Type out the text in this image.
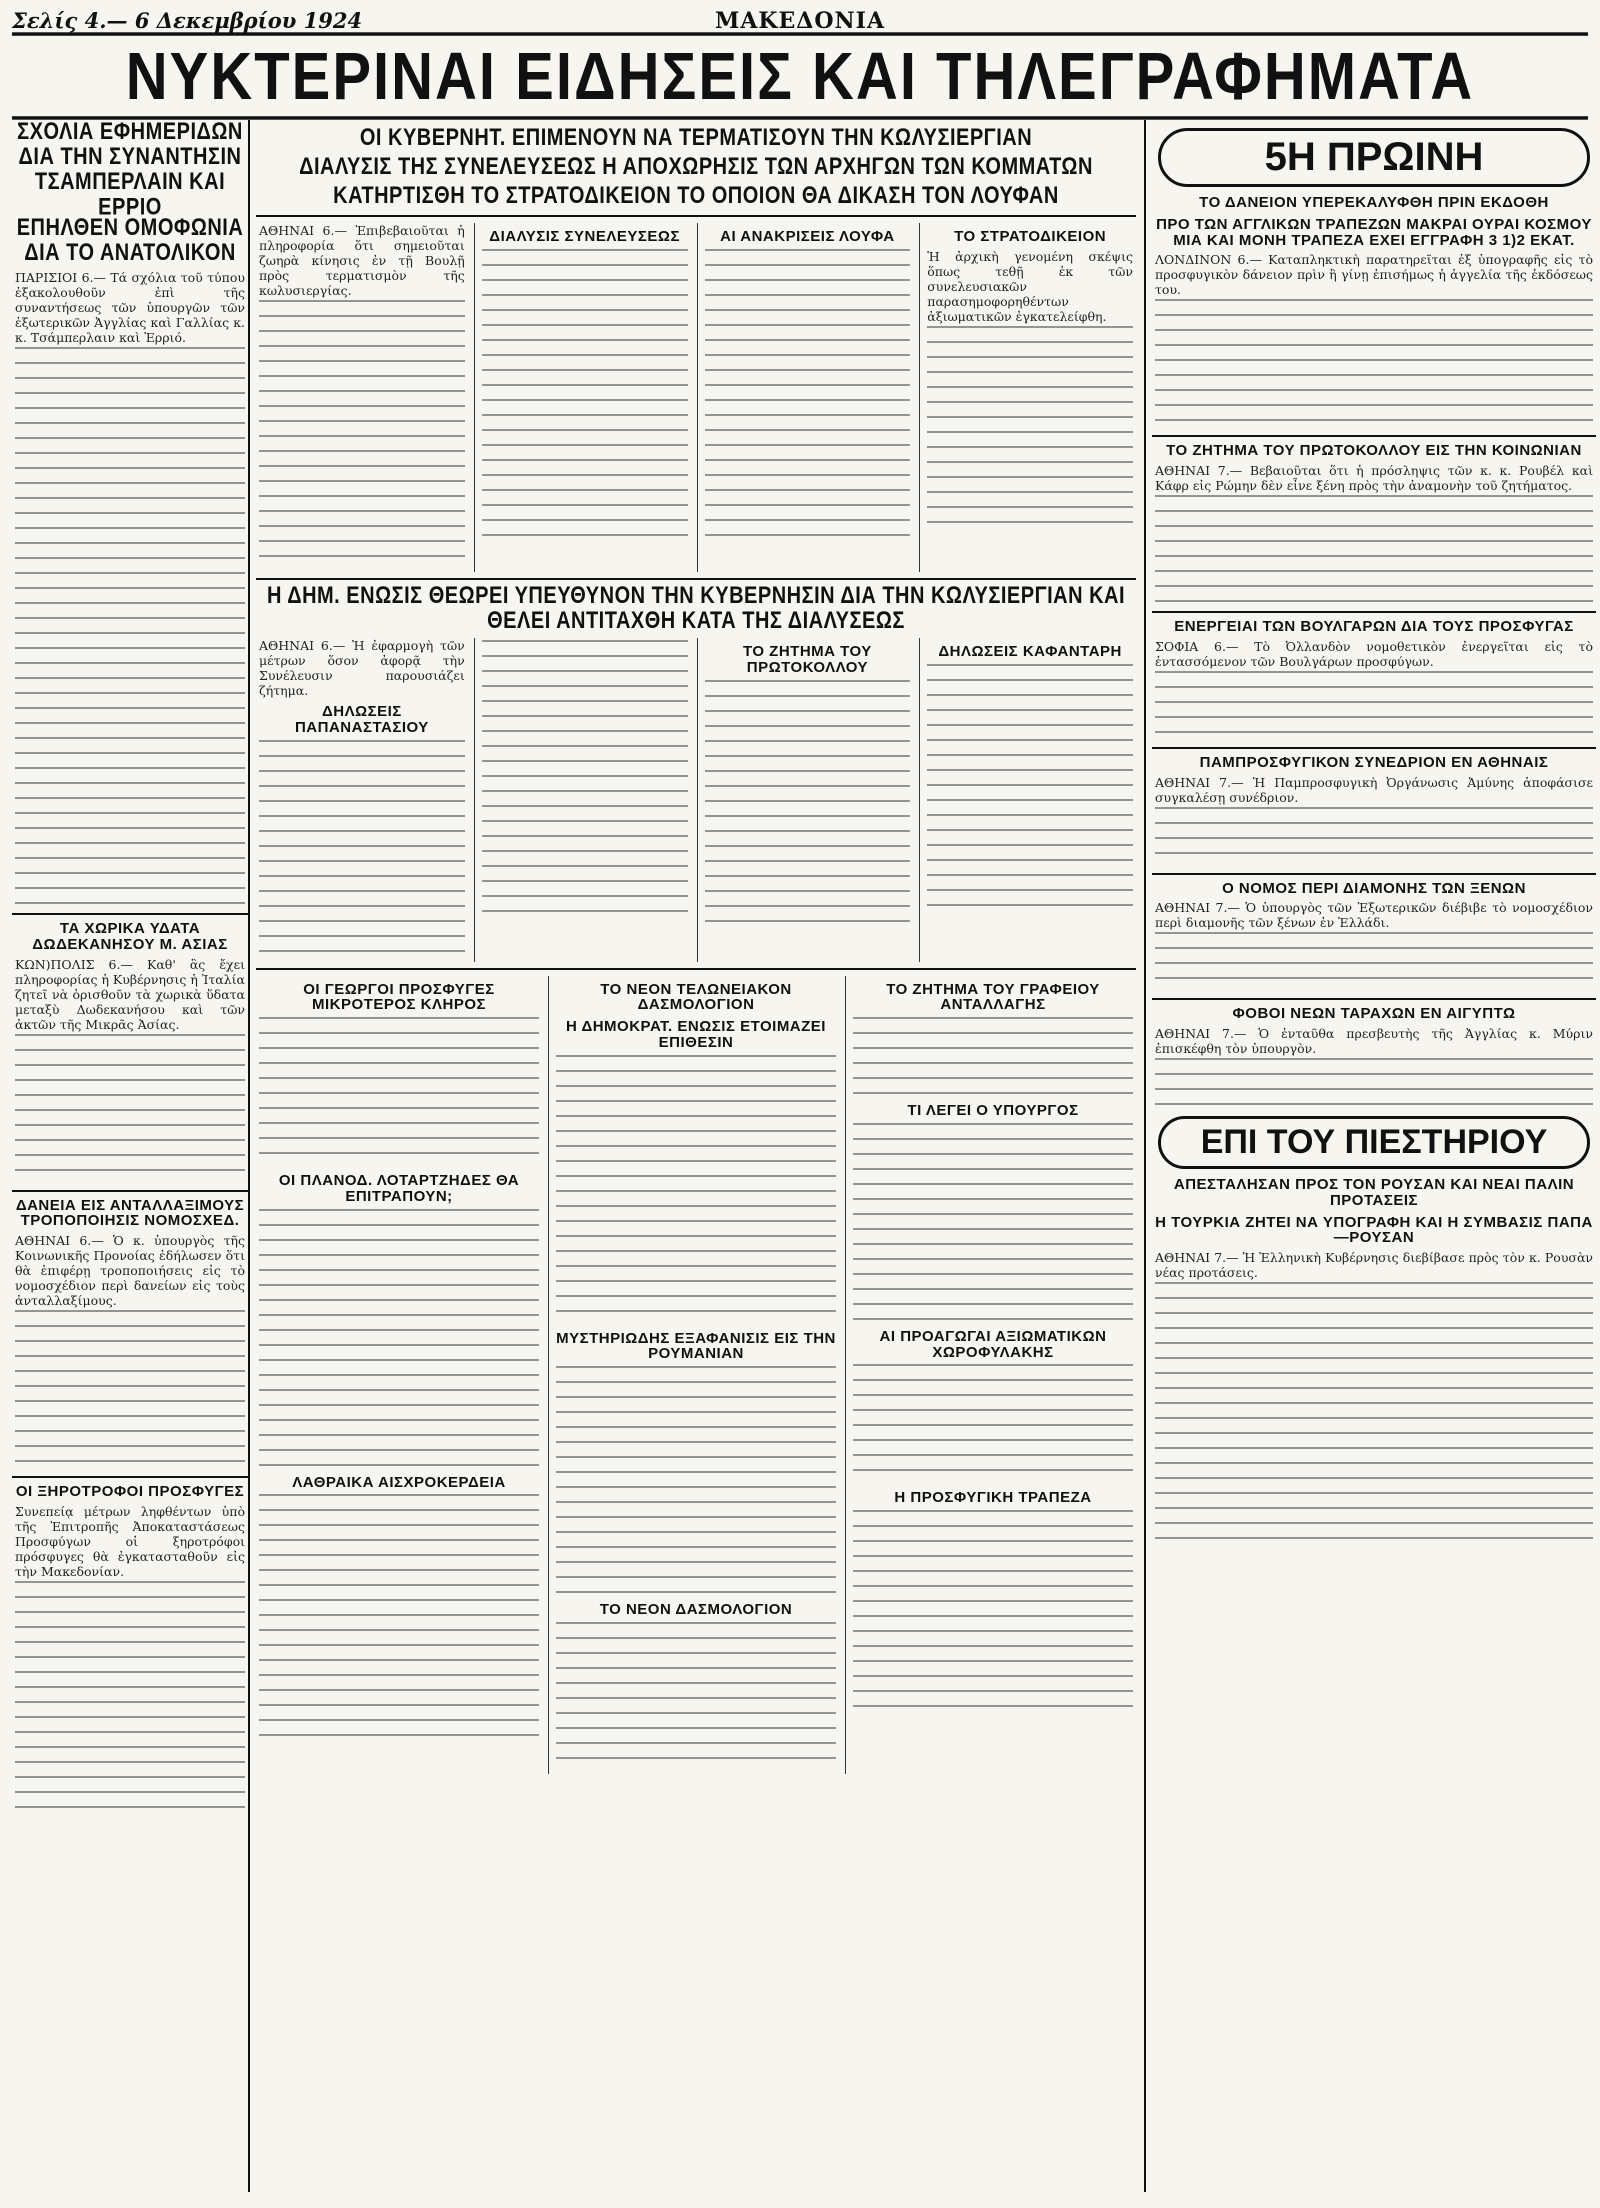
Σελίς 4.— 6 Δεκεμβρίου 1924	ΜΑΚΕΔΟΝΙΑ
ΝΥΚΤΕΡΙΝΑΙ ΕΙΔΗΣΕΙΣ ΚΑΙ ΤΗΛΕΓΡΑΦΗΜΑΤΑ
ΣΧΟΛΙΑ ΕΦΗΜΕΡΙΔΩΝ ΔΙΑ ΤΗΝ ΣΥΝΑΝΤΗΣΙΝ ΤΣΑΜΠΕΡΛΑΙΝ ΚΑΙ ΕΡΡΙΟ
ΕΠΗΛΘΕΝ ΟΜΟΦΩΝΙΑ ΔΙΑ ΤΟ ΑΝΑΤΟΛΙΚΟΝ
ΠΑΡΙΣΙΟΙ 6.— Τά σχόλια τοῦ τύπου ἐξακολουθοῦν ἐπὶ τῆς συναντήσεως τῶν ὑπουργῶν τῶν ἐξωτερικῶν Ἀγγλίας καὶ Γαλλίας κ. κ. Τσάμπερλαιν καὶ Ἐρριό.
ΤΑ ΧΩΡΙΚΑ ΥΔΑΤΑ ΔΩΔΕΚΑΝΗΣΟΥ Μ. ΑΣΙΑΣ
ΚΩΝ)ΠΟΛΙΣ 6.— Καθ' ἃς ἔχει πληροφορίας ἡ Κυβέρνησις ἡ Ἰταλία ζητεῖ νὰ ὁρισθοῦν τὰ χωρικὰ ὕδατα μεταξὺ Δωδεκανήσου καὶ τῶν ἀκτῶν τῆς Μικρᾶς Ἀσίας.
ΔΑΝΕΙΑ ΕΙΣ ΑΝΤΑΛΛΑΞΙΜΟΥΣ ΤΡΟΠΟΠΟΙΗΣΙΣ ΝΟΜΟΣΧΕΔ.
ΑΘΗΝΑΙ 6.— Ὁ κ. ὑπουργὸς τῆς Κοινωνικῆς Προνοίας ἐδήλωσεν ὅτι θὰ ἐπιφέρῃ τροποποιήσεις εἰς τὸ νομοσχέδιον περὶ δανείων εἰς τοὺς ἀνταλλαξίμους.
ΟΙ ΞΗΡΟΤΡΟΦΟΙ ΠΡΟΣΦΥΓΕΣ
Συνεπείᾳ μέτρων ληφθέντων ὑπὸ τῆς Ἐπιτροπῆς Ἀποκαταστάσεως Προσφύγων οἱ ξηροτρόφοι πρόσφυγες θὰ ἐγκατασταθοῦν εἰς τὴν Μακεδονίαν.
ΟΙ ΚΥΒΕΡΝΗΤ. ΕΠΙΜΕΝΟΥΝ ΝΑ ΤΕΡΜΑΤΙΣΟΥΝ ΤΗΝ ΚΩΛΥΣΙΕΡΓΙΑΝ
ΔΙΑΛΥΣΙΣ ΤΗΣ ΣΥΝΕΛΕΥΣΕΩΣ Η ΑΠΟΧΩΡΗΣΙΣ ΤΩΝ ΑΡΧΗΓΩΝ ΤΩΝ ΚΟΜΜΑΤΩΝ
ΚΑΤΗΡΤΙΣΘΗ ΤΟ ΣΤΡΑΤΟΔΙΚΕΙΟΝ ΤΟ ΟΠΟΙΟΝ ΘΑ ΔΙΚΑΣΗ ΤΟΝ ΛΟΥΦΑΝ
ΑΘΗΝΑΙ 6.— Ἐπιβεβαιοῦται ἡ πληροφορία ὅτι σημειοῦται ζωηρὰ κίνησις ἐν τῇ Βουλῇ πρὸς τερματισμὸν τῆς κωλυσιεργίας.
ΔΙΑΛΥΣΙΣ ΣΥΝΕΛΕΥΣΕΩΣ	ΑΙ ΑΝΑΚΡΙΣΕΙΣ ΛΟΥΦΑ	ΤΟ ΣΤΡΑΤΟΔΙΚΕΙΟΝ
Ἡ ἀρχικὴ γενομένη σκέψις ὅπως τεθῇ ἐκ τῶν συνελευσιακῶν παρασημοφορηθέντων ἀξιωματικῶν ἐγκατελείφθη.
Η ΔΗΜ. ΕΝΩΣΙΣ ΘΕΩΡΕΙ ΥΠΕΥΘΥΝΟΝ ΤΗΝ ΚΥΒΕΡΝΗΣΙΝ ΔΙΑ ΤΗΝ ΚΩΛΥΣΙΕΡΓΙΑΝ ΚΑΙ ΘΕΛΕΙ ΑΝΤΙΤΑΧΘΗ ΚΑΤΑ ΤΗΣ ΔΙΑΛΥΣΕΩΣ
ΑΘΗΝΑΙ 6.— Ἡ ἐφαρμογὴ τῶν μέτρων ὅσον ἀφορᾷ τὴν Συνέλευσιν παρουσιάζει ζήτημα.
ΔΗΛΩΣΕΙΣ ΠΑΠΑΝΑΣΤΑΣΙΟΥ
ΤΟ ΖΗΤΗΜΑ ΤΟΥ ΠΡΩΤΟΚΟΛΛΟΥ
ΔΗΛΩΣΕΙΣ ΚΑΦΑΝΤΑΡΗ
ΟΙ ΓΕΩΡΓΟΙ ΠΡΟΣΦΥΓΕΣ ΜΙΚΡΟΤΕΡΟΣ ΚΛΗΡΟΣ
ΟΙ ΠΛΑΝΟΔ. ΛΟΤΑΡΤΖΗΔΕΣ ΘΑ ΕΠΙΤΡΑΠΟΥΝ;
ΛΑΘΡΑΙΚΑ ΑΙΣΧΡΟΚΕΡΔΕΙΑ
ΤΟ ΝΕΟΝ ΤΕΛΩΝΕΙΑΚΟΝ ΔΑΣΜΟΛΟΓΙΟΝ
Η ΔΗΜΟΚΡΑΤ. ΕΝΩΣΙΣ ΕΤΟΙΜΑΖΕΙ ΕΠΙΘΕΣΙΝ
ΜΥΣΤΗΡΙΩΔΗΣ ΕΞΑΦΑΝΙΣΙΣ ΕΙΣ ΤΗΝ ΡΟΥΜΑΝΙΑΝ
ΤΟ ΝΕΟΝ ΔΑΣΜΟΛΟΓΙΟΝ
ΤΟ ΖΗΤΗΜΑ ΤΟΥ ΓΡΑΦΕΙΟΥ ΑΝΤΑΛΛΑΓΗΣ
ΤΙ ΛΕΓΕΙ Ο ΥΠΟΥΡΓΟΣ
ΑΙ ΠΡΟΑΓΩΓΑΙ ΑΞΙΩΜΑΤΙΚΩΝ ΧΩΡΟΦΥΛΑΚΗΣ
Η ΠΡΟΣΦΥΓΙΚΗ ΤΡΑΠΕΖΑ
5Η ΠΡΩΙΝΗ
ΤΟ ΔΑΝΕΙΟΝ ΥΠΕΡΕΚΑΛΥΦΘΗ ΠΡΙΝ ΕΚΔΟΘΗ
ΠΡΟ ΤΩΝ ΑΓΓΛΙΚΩΝ ΤΡΑΠΕΖΩΝ ΜΑΚΡΑΙ ΟΥΡΑΙ ΚΟΣΜΟΥ ΜΙΑ ΚΑΙ ΜΟΝΗ ΤΡΑΠΕΖΑ ΕΧΕΙ ΕΓΓΡΑΦΗ 3 1)2 ΕΚΑΤ.
ΛΟΝΔΙΝΟΝ 6.— Καταπληκτικὴ παρατηρεῖται ἐξ ὑπογραφῆς εἰς τὸ προσφυγικὸν δάνειον πρὶν ἢ γίνῃ ἐπισήμως ἡ ἀγγελία τῆς ἐκδόσεως του.
ΤΟ ΖΗΤΗΜΑ ΤΟΥ ΠΡΩΤΟΚΟΛΛΟΥ ΕΙΣ ΤΗΝ ΚΟΙΝΩΝΙΑΝ
ΑΘΗΝΑΙ 7.— Βεβαιοῦται ὅτι ἡ πρόσληψις τῶν κ. κ. Ρουβέλ καὶ Κάφρ εἰς Ρώμην δὲν εἶνε ξένη πρὸς τὴν ἀναμονὴν τοῦ ζητήματος.
ΕΝΕΡΓΕΙΑΙ ΤΩΝ ΒΟΥΛΓΑΡΩΝ ΔΙΑ ΤΟΥΣ ΠΡΟΣΦΥΓΑΣ
ΣΟΦΙΑ 6.— Τὸ Ὀλλανδὸν νομοθετικὸν ἐνεργεῖται εἰς τὸ ἐντασσόμενον τῶν Βουλγάρων προσφύγων.
ΠΑΜΠΡΟΣΦΥΓΙΚΟΝ ΣΥΝΕΔΡΙΟΝ ΕΝ ΑΘΗΝΑΙΣ
ΑΘΗΝΑΙ 7.— Ἡ Παμπροσφυγικὴ Ὀργάνωσις Ἀμύνης ἀποφάσισε συγκαλέσῃ συνέδριον.
Ο ΝΟΜΟΣ ΠΕΡΙ ΔΙΑΜΟΝΗΣ ΤΩΝ ΞΕΝΩΝ
ΑΘΗΝΑΙ 7.— Ὁ ὑπουργὸς τῶν Ἐξωτερικῶν διέβιβε τὸ νομοσχέδιον περὶ διαμονῆς τῶν ξένων ἐν Ἑλλάδι.
ΦΟΒΟΙ ΝΕΩΝ ΤΑΡΑΧΩΝ ΕΝ ΑΙΓΥΠΤΩ
ΑΘΗΝΑΙ 7.— Ὁ ἐνταῦθα πρεσβευτὴς τῆς Ἀγγλίας κ. Μύριν ἐπισκέφθη τὸν ὑπουργὸν.
ΕΠΙ ΤΟΥ ΠΙΕΣΤΗΡΙΟΥ
ΑΠΕΣΤΑΛΗΣΑΝ ΠΡΟΣ ΤΟΝ ΡΟΥΣΑΝ ΚΑΙ ΝΕΑΙ ΠΑΛΙΝ ΠΡΟΤΑΣΕΙΣ
Η ΤΟΥΡΚΙΑ ΖΗΤΕΙ ΝΑ ΥΠΟΓΡΑΦΗ ΚΑΙ Η ΣΥΜΒΑΣΙΣ ΠΑΠΑ—ΡΟΥΣΑΝ
ΑΘΗΝΑΙ 7.— Ἡ Ἑλληνικὴ Κυβέρνησις διεβίβασε πρὸς τὸν κ. Ρουσὰν νέας προτάσεις.
